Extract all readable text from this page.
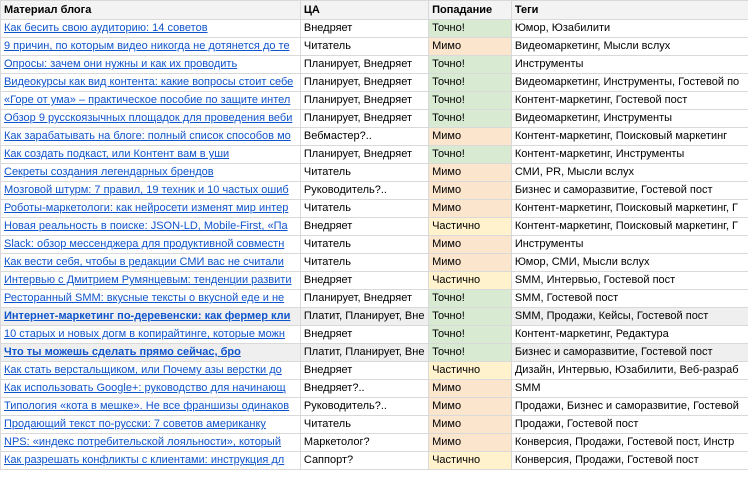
Материал блога	ЦА	Попадание	Теги
Как бесить свою аудиторию: 14 советов	Внедряет	Точно!	Юмор, Юзабилити
9 причин, по которым видео никогда не дотянется до те	Читатель	Мимо	Видеомаркетинг, Мысли вслух
Опросы: зачем они нужны и как их проводить	Планирует, Внедряет	Точно!	Инструменты
Видеокурсы как вид контента: какие вопросы стоит себе	Планирует, Внедряет	Точно!	Видеомаркетинг, Инструменты, Гостевой по
«Горе от ума» – практическое пособие по защите интел	Планирует, Внедряет	Точно!	Контент-маркетинг, Гостевой пост
Обзор 9 русскоязычных площадок для проведения веби	Планирует, Внедряет	Точно!	Видеомаркетинг, Инструменты
Как зарабатывать на блоге: полный список способов мо	Вебмастер?..	Мимо	Контент-маркетинг, Поисковый маркетинг
Как создать подкаст, или Контент вам в уши	Планирует, Внедряет	Точно!	Контент-маркетинг, Инструменты
Секреты создания легендарных брендов	Читатель	Мимо	СМИ, PR, Мысли вслух
Мозговой штурм: 7 правил, 19 техник и 10 частых ошиб	Руководитель?..	Мимо	Бизнес и саморазвитие, Гостевой пост
Роботы-маркетологи: как нейросети изменят мир интер	Читатель	Мимо	Контент-маркетинг, Поисковый маркетинг, Г
Новая реальность в поиске: JSON-LD, Mobile-First, «Па	Внедряет	Частично	Контент-маркетинг, Поисковый маркетинг, Г
Slack: обзор мессенджера для продуктивной совместн	Читатель	Мимо	Инструменты
Как вести себя, чтобы в редакции СМИ вас не считали	Читатель	Мимо	Юмор, СМИ, Мысли вслух
Интервью с Дмитрием Румянцевым: тенденции развити	Внедряет	Частично	SMM, Интервью, Гостевой пост
Ресторанный SMM: вкусные тексты о вкусной еде и не	Планирует, Внедряет	Точно!	SMM, Гостевой пост
Интернет-маркетинг по-деревенски: как фермер кли	Платит, Планирует, Вне	Точно!	SMM, Продажи, Кейсы, Гостевой пост
10 старых и новых догм в копирайтинге, которые можн	Внедряет	Точно!	Контент-маркетинг, Редактура
Что ты можешь сделать прямо сейчас, бро	Платит, Планирует, Вне	Точно!	Бизнес и саморазвитие, Гостевой пост
Как стать верстальщиком, или Почему азы верстки до	Внедряет	Частично	Дизайн, Интервью, Юзабилити, Веб-разраб
Как использовать Google+: руководство для начинающ	Внедряет?..	Мимо	SMM
Типология «кота в мешке». Не все франшизы одинаков	Руководитель?..	Мимо	Продажи, Бизнес и саморазвитие, Гостевой
Продающий текст по-русски: 7 советов американку	Читатель	Мимо	Продажи, Гостевой пост
NPS: «индекс потребительской лояльности», который	Маркетолог?	Мимо	Конверсия, Продажи, Гостевой пост, Инстр
Как разрешать конфликты с клиентами: инструкция дл	Саппорт?	Частично	Конверсия, Продажи, Гостевой пост
